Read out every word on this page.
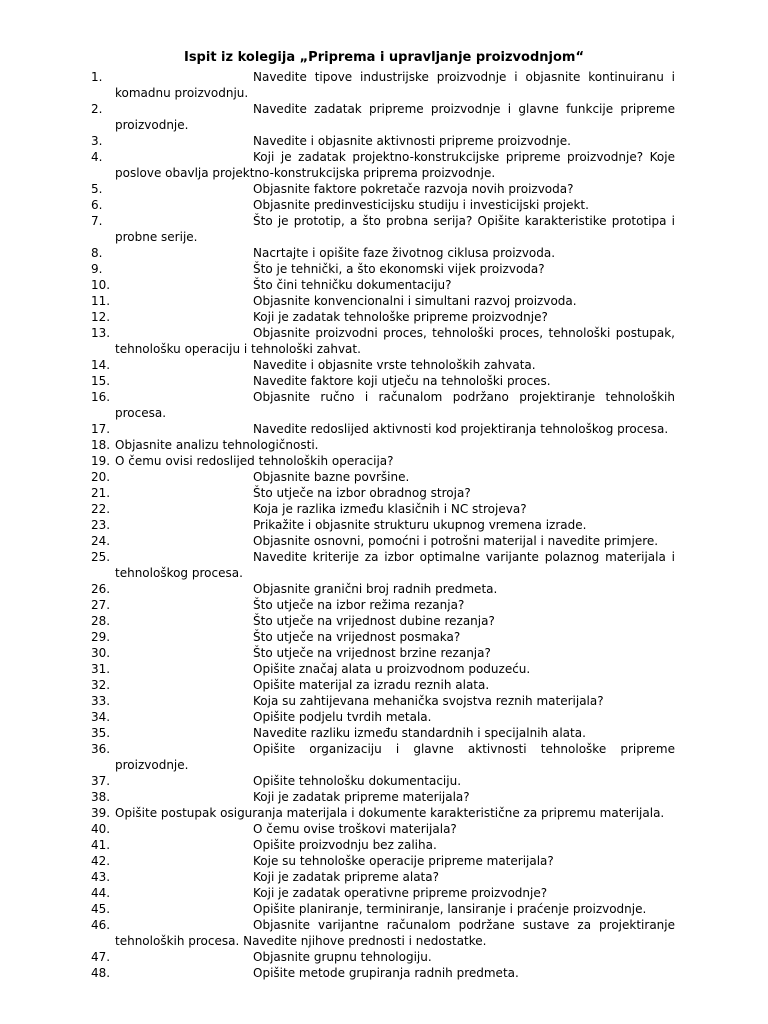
Ispit iz kolegija „Priprema i upravljanje proizvodnjom“
1.	Navedite tipove industrijske proizvodnje i objasnite kontinuiranu i
komadnu proizvodnju.
2.	Navedite zadatak pripreme proizvodnje i glavne funkcije pripreme
proizvodnje.
3.	Navedite i objasnite aktivnosti pripreme proizvodnje.
4.	Koji je zadatak projektno-konstrukcijske pripreme proizvodnje? Koje
poslove obavlja projektno-konstrukcijska priprema proizvodnje.
5.	Objasnite faktore pokretače razvoja novih proizvoda?
6.	Objasnite predinvesticijsku studiju i investicijski projekt.
7.	Što je prototip, a što probna serija? Opišite karakteristike prototipa i
probne serije.
8.	Nacrtajte i opišite faze životnog ciklusa proizvoda.
9.	Što je tehnički, a što ekonomski vijek proizvoda?
10.	Što čini tehničku dokumentaciju?
11.	Objasnite konvencionalni i simultani razvoj proizvoda.
12.	Koji je zadatak tehnološke pripreme proizvodnje?
13.	Objasnite proizvodni proces, tehnološki proces, tehnološki postupak,
tehnološku operaciju i tehnološki zahvat.
14.	Navedite i objasnite vrste tehnoloških zahvata.
15.	Navedite faktore koji utječu na tehnološki proces.
16.	Objasnite ručno i računalom podržano projektiranje tehnoloških
procesa.
17.	Navedite redoslijed aktivnosti kod projektiranja tehnološkog procesa.
18. Objasnite analizu tehnologičnosti.
19. O čemu ovisi redoslijed tehnoloških operacija?
20.	Objasnite bazne površine.
21.	Što utječe na izbor obradnog stroja?
22.	Koja je razlika između klasičnih i NC strojeva?
23.	Prikažite i objasnite strukturu ukupnog vremena izrade.
24.	Objasnite osnovni, pomoćni i potrošni materijal i navedite primjere.
25.	Navedite kriterije za izbor optimalne varijante polaznog materijala i
tehnološkog procesa.
26.	Objasnite granični broj radnih predmeta.
27.	Što utječe na izbor režima rezanja?
28.	Što utječe na vrijednost dubine rezanja?
29.	Što utječe na vrijednost posmaka?
30.	Što utječe na vrijednost brzine rezanja?
31.	Opišite značaj alata u proizvodnom poduzeću.
32.	Opišite materijal za izradu reznih alata.
33.	Koja su zahtijevana mehanička svojstva reznih materijala?
34.	Opišite podjelu tvrdih metala.
35.	Navedite razliku između standardnih i specijalnih alata.
36.	Opišite organizaciju i glavne aktivnosti tehnološke pripreme
proizvodnje.
37.	Opišite tehnološku dokumentaciju.
38.	Koji je zadatak pripreme materijala?
39. Opišite postupak osiguranja materijala i dokumente karakteristične za pripremu materijala.
40.	O čemu ovise troškovi materijala?
41.	Opišite proizvodnju bez zaliha.
42.	Koje su tehnološke operacije pripreme materijala?
43.	Koji je zadatak pripreme alata?
44.	Koji je zadatak operativne pripreme proizvodnje?
45.	Opišite planiranje, terminiranje, lansiranje i praćenje proizvodnje.
46.	Objasnite varijantne računalom podržane sustave za projektiranje
tehnoloških procesa. Navedite njihove prednosti i nedostatke.
47.	Objasnite grupnu tehnologiju.
48.	Opišite metode grupiranja radnih predmeta.
